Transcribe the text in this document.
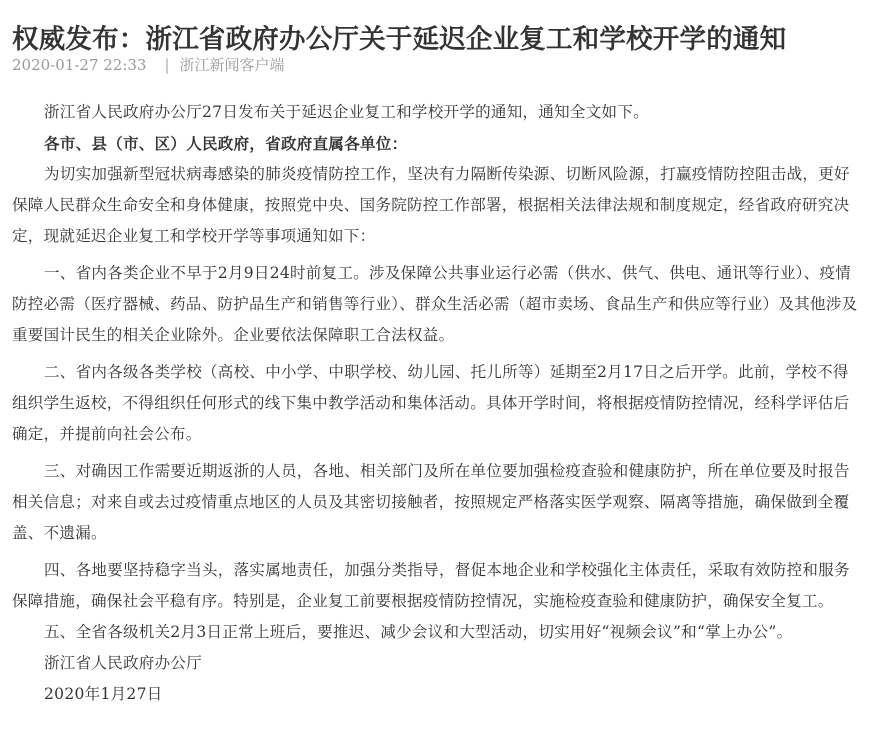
权威发布：浙江省政府办公厅关于延迟企业复工和学校开学的通知
2020-01-27 22:33 | 浙江新闻客户端

浙江省人民政府办公厅27日发布关于延迟企业复工和学校开学的通知，通知全文如下。

各市、县（市、区）人民政府，省政府直属各单位：

为切实加强新型冠状病毒感染的肺炎疫情防控工作，坚决有力隔断传染源、切断风险源，打赢疫情防控阻击战，更好保障人民群众生命安全和身体健康，按照党中央、国务院防控工作部署，根据相关法律法规和制度规定，经省政府研究决定，现就延迟企业复工和学校开学等事项通知如下：

一、省内各类企业不早于2月9日24时前复工。涉及保障公共事业运行必需（供水、供气、供电、通讯等行业）、疫情防控必需（医疗器械、药品、防护品生产和销售等行业）、群众生活必需（超市卖场、食品生产和供应等行业）及其他涉及重要国计民生的相关企业除外。企业要依法保障职工合法权益。

二、省内各级各类学校（高校、中小学、中职学校、幼儿园、托儿所等）延期至2月17日之后开学。此前，学校不得组织学生返校，不得组织任何形式的线下集中教学活动和集体活动。具体开学时间，将根据疫情防控情况，经科学评估后确定，并提前向社会公布。

三、对确因工作需要近期返浙的人员，各地、相关部门及所在单位要加强检疫查验和健康防护，所在单位要及时报告相关信息；对来自或去过疫情重点地区的人员及其密切接触者，按照规定严格落实医学观察、隔离等措施，确保做到全覆盖、不遗漏。

四、各地要坚持稳字当头，落实属地责任，加强分类指导，督促本地企业和学校强化主体责任，采取有效防控和服务保障措施，确保社会平稳有序。特别是，企业复工前要根据疫情防控情况，实施检疫查验和健康防护，确保安全复工。

五、全省各级机关2月3日正常上班后，要推迟、减少会议和大型活动，切实用好“视频会议”和“掌上办公”。

浙江省人民政府办公厅

2020年1月27日
